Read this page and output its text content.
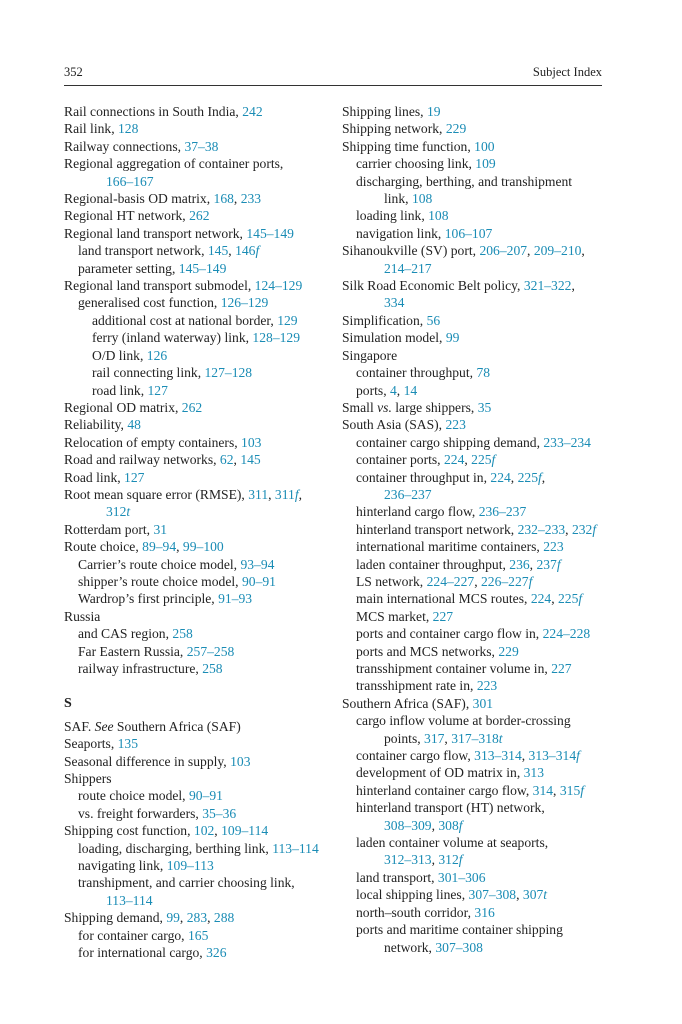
352	Subject Index
Rail connections in South India, 242
Rail link, 128
Railway connections, 37–38
Regional aggregation of container ports,
166–167
Regional-basis OD matrix, 168, 233
Regional HT network, 262
Regional land transport network, 145–149
land transport network, 145, 146f
parameter setting, 145–149
Regional land transport submodel, 124–129
generalised cost function, 126–129
additional cost at national border, 129
ferry (inland waterway) link, 128–129
O/D link, 126
rail connecting link, 127–128
road link, 127
Regional OD matrix, 262
Reliability, 48
Relocation of empty containers, 103
Road and railway networks, 62, 145
Road link, 127
Root mean square error (RMSE), 311, 311f,
312t
Rotterdam port, 31
Route choice, 89–94, 99–100
Carrier’s route choice model, 93–94
shipper’s route choice model, 90–91
Wardrop’s first principle, 91–93
Russia
and CAS region, 258
Far Eastern Russia, 257–258
railway infrastructure, 258
S
SAF. See Southern Africa (SAF)
Seaports, 135
Seasonal difference in supply, 103
Shippers
route choice model, 90–91
vs. freight forwarders, 35–36
Shipping cost function, 102, 109–114
loading, discharging, berthing link, 113–114
navigating link, 109–113
transhipment, and carrier choosing link,
113–114
Shipping demand, 99, 283, 288
for container cargo, 165
for international cargo, 326
Shipping lines, 19
Shipping network, 229
Shipping time function, 100
carrier choosing link, 109
discharging, berthing, and transhipment
link, 108
loading link, 108
navigation link, 106–107
Sihanoukville (SV) port, 206–207, 209–210,
214–217
Silk Road Economic Belt policy, 321–322,
334
Simplification, 56
Simulation model, 99
Singapore
container throughput, 78
ports, 4, 14
Small vs. large shippers, 35
South Asia (SAS), 223
container cargo shipping demand, 233–234
container ports, 224, 225f
container throughput in, 224, 225f,
236–237
hinterland cargo flow, 236–237
hinterland transport network, 232–233, 232f
international maritime containers, 223
laden container throughput, 236, 237f
LS network, 224–227, 226–227f
main international MCS routes, 224, 225f
MCS market, 227
ports and container cargo flow in, 224–228
ports and MCS networks, 229
transshipment container volume in, 227
transshipment rate in, 223
Southern Africa (SAF), 301
cargo inflow volume at border-crossing
points, 317, 317–318t
container cargo flow, 313–314, 313–314f
development of OD matrix in, 313
hinterland container cargo flow, 314, 315f
hinterland transport (HT) network,
308–309, 308f
laden container volume at seaports,
312–313, 312f
land transport, 301–306
local shipping lines, 307–308, 307t
north–south corridor, 316
ports and maritime container shipping
network, 307–308
